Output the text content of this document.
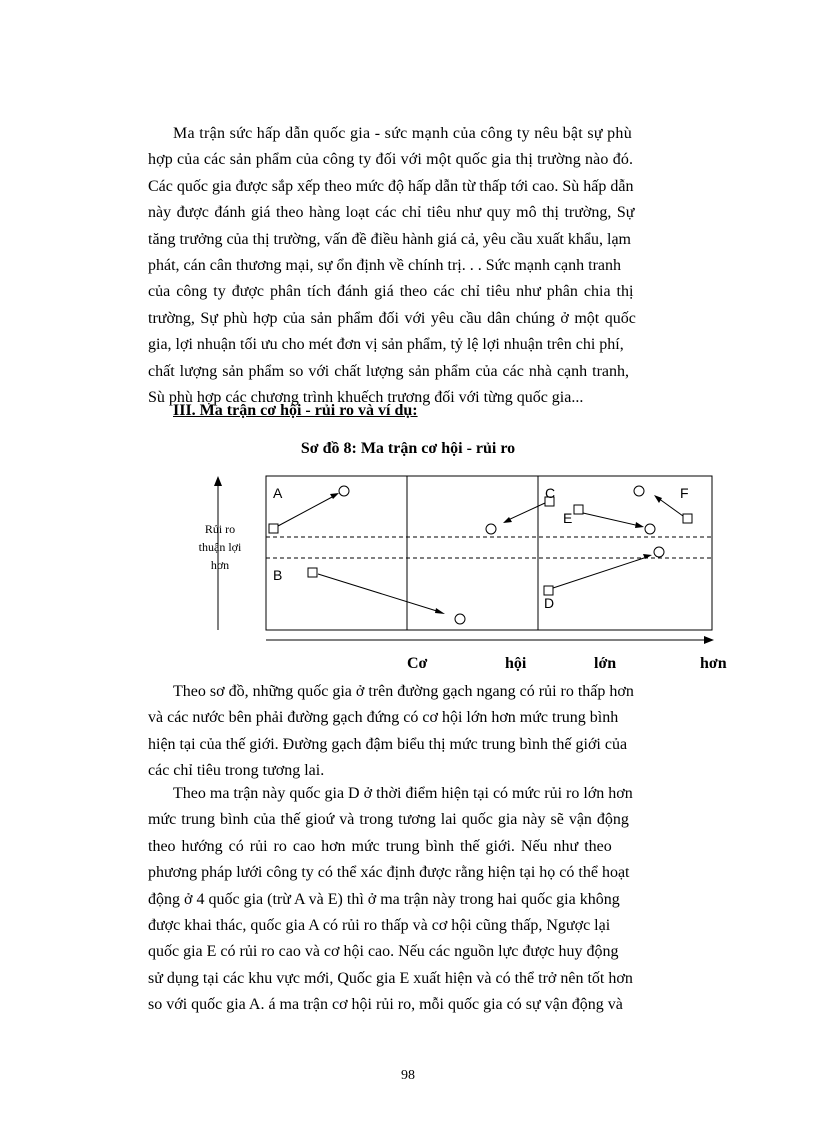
Ma trận sức hấp dẫn quốc gia - sức mạnh của công ty nêu bật sự phù
hợp của các sản phẩm của công ty đối với một quốc gia thị trường nào đó.
Các quốc gia được sắp xếp theo mức độ hấp dẫn từ thấp tới cao. Sù hấp dẫn
này được đánh giá theo hàng loạt các chỉ tiêu như quy mô thị trường, Sự
tăng trưởng của thị trường, vấn đề điều hành giá cả, yêu cầu xuất khẩu, lạm
phát, cán cân thương mại, sự ổn định về chính trị. . . Sức mạnh cạnh tranh
của công ty được phân tích đánh giá theo các chỉ tiêu như phân chia thị
trường, Sự phù hợp của sản phẩm đối với yêu cầu dân chúng ở một quốc
gia, lợi nhuận tối ưu cho mét đơn vị sản phẩm, tỷ lệ lợi nhuận trên chi phí,
chất lượng sản phẩm so với chất lượng sản phẩm của các nhà cạnh tranh,
Sù phù hợp các chương trình khuếch trương đối với từng quốc gia...

III. Ma trận cơ hội - rủi ro và ví dụ:

Sơ đồ 8: Ma trận cơ hội - rủi ro

A
B
C
D
E
F
Rủi ro
thuận lợi
hơn
Cơ	hội	lớn	hơn
Theo sơ đồ, những quốc gia ở trên đường gạch ngang có rủi ro thấp hơn
và các nước bên phải đường gạch đứng có cơ hội lớn hơn mức trung bình
hiện tại của thế giới. Đường gạch đậm biểu thị mức trung bình thế giới của
các chỉ tiêu trong tương lai.
Theo ma trận này quốc gia D ở thời điểm hiện tại có mức rủi ro lớn hơn
mức trung bình của thế gioứ và trong tương lai quốc gia này sẽ vận động
theo hướng có rủi ro cao hơn mức trung bình thế giới. Nếu như theo
phương pháp lưới công ty có thể xác định được rằng hiện tại họ có thể hoạt
động ở 4 quốc gia (trừ A và E) thì ở ma trận này trong hai quốc gia không
được khai thác, quốc gia A có rủi ro thấp và cơ hội cũng thấp, Ngược lại
quốc gia E có rủi ro cao và cơ hội cao. Nếu các nguồn lực được huy động
sử dụng tại các khu vực mới, Quốc gia E xuất hiện và có thể trở nên tốt hơn
so với quốc gia A. á ma trận cơ hội rủi ro, mỗi quốc gia có sự vận động và
98
